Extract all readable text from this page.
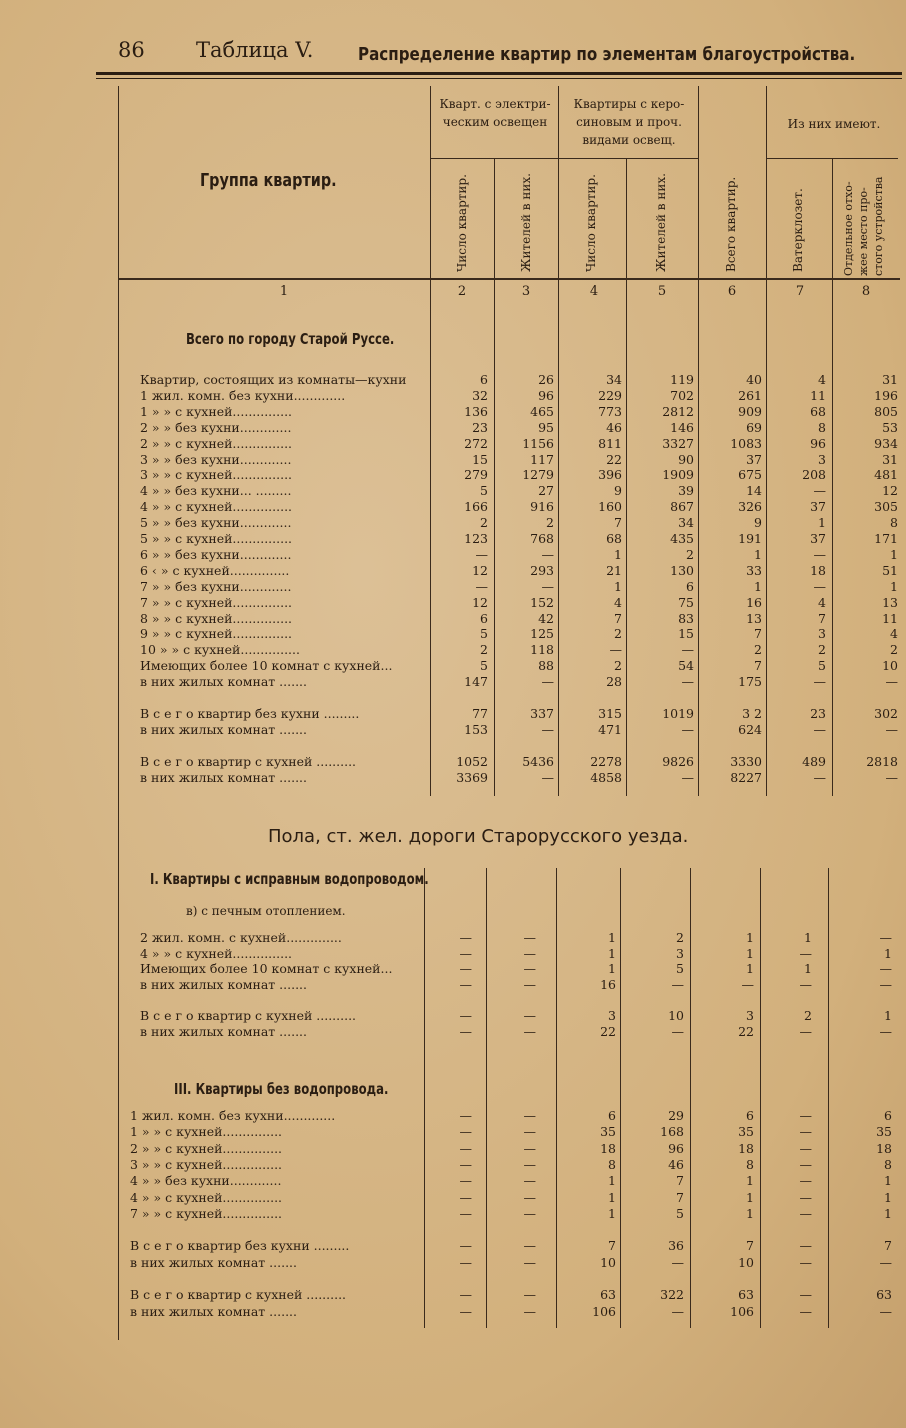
86 Таблица V. Распределение квартир по элементам благоустройства.
Группа квартир.
Кварт. с электри-
ческим освещен
Квартиры с керо-
синовым и проч.
видами освещ.
Из них имеют.
Число квартир.	Жителей в них.	Число квартир.	Жителей в них.	Всего квартир.	Ватерклозет.	Отдельное отхо-жее место про-стого устройства
1	2	3	4	5	6	7	8
Всего по городу Старой Руссе.
Квартир, состоящих из комнаты—кухни	6	26	34	119	40	4	31
1 жил. комн. без кухни.............	32	96	229	702	261	11	196
1 » » с кухней...............	136	465	773	2812	909	68	805
2 » » без кухни.............	23	95	46	146	69	8	53
2 » » с кухней...............	272	1156	811	3327	1083	96	934
3 » » без кухни.............	15	117	22	90	37	3	31
3 » » с кухней...............	279	1279	396	1909	675	208	481
4 » » без кухни... .........	5	27	9	39	14	—	12
4 » » с кухней...............	166	916	160	867	326	37	305
5 » » без кухни.............	2	2	7	34	9	1	8
5 » » с кухней...............	123	768	68	435	191	37	171
6 » » без кухни.............	—	—	1	2	1	—	1
6 ‹ » с кухней...............	12	293	21	130	33	18	51
7 » » без кухни.............	—	—	1	6	1	—	1
7 » » с кухней...............	12	152	4	75	16	4	13
8 » » с кухней...............	6	42	7	83	13	7	11
9 » » с кухней...............	5	125	2	15	7	3	4
10 » » с кухней...............	2	118	—	—	2	2	2
Имеющих более 10 комнат с кухней...	5	88	2	54	7	5	10
в них жилых комнат .......	147	—	28	—	175	—	—
В с е г о квартир без кухни .........	77	337	315	1019	3 2	23	302
в них жилых комнат .......	153	—	471	—	624	—	—
В с е г о квартир с кухней ..........	1052	5436	2278	9826	3330	489	2818
в них жилых комнат .......	3369	—	4858	—	8227	—	—
Пола, ст. жел. дороги Старорусского уезда.
I. Квартиры с исправным водопроводом.
в) с печным отоплением.
2 жил. комн. с кухней..............	—	—	1	2	1	1	—
4 » » с кухней...............	—	—	1	3	1	—	1
Имеющих более 10 комнат с кухней...	—	—	1	5	1	1	—
в них жилых комнат .......	—	—	16	—	—	—	—
В с е г о квартир с кухней ..........	—	—	3	10	3	2	1
в них жилых комнат .......	—	—	22	—	22	—	—
III. Квартиры без водопровода.
1 жил. комн. без кухни.............	—	—	6	29	6	—	6
1 » » с кухней...............	—	—	35	168	35	—	35
2 » » с кухней...............	—	—	18	96	18	—	18
3 » » с кухней...............	—	—	8	46	8	—	8
4 » » без кухни.............	—	—	1	7	1	—	1
4 » » с кухней...............	—	—	1	7	1	—	1
7 » » с кухней...............	—	—	1	5	1	—	1
В с е г о квартир без кухни .........	—	—	7	36	7	—	7
в них жилых комнат .......	—	—	10	—	10	—	—
В с е г о квартир с кухней ..........	—	—	63	322	63	—	63
в них жилых комнат .......	—	—	106	—	106	—	—
